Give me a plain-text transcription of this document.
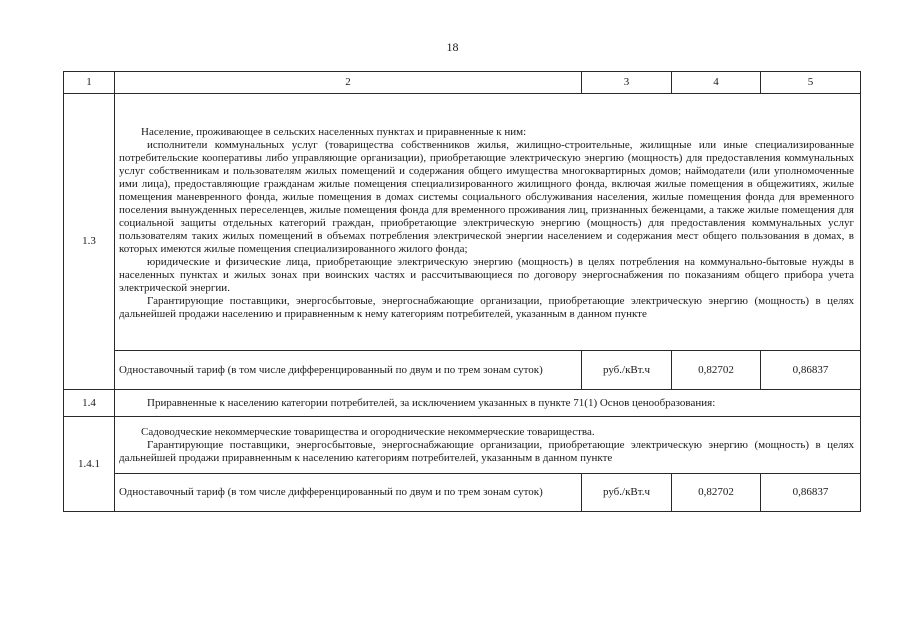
18
1	2	3	4	5
1.3	Население, проживающее в сельских населенных пунктах и приравненные к ним:

исполнители коммунальных услуг (товарищества собственников жилья, жилищно-строительные, жилищные или иные специализированные потребительские кооперативы либо управляющие организации), приобретающие электрическую энергию (мощность) для предоставления коммунальных услуг собственникам и пользователям жилых помещений и содержания общего имущества многоквартирных домов; наймодатели (или уполномоченные ими лица), предоставляющие гражданам жилые помещения специализированного жилищного фонда, включая жилые помещения в общежитиях, жилые помещения маневренного фонда, жилые помещения в домах системы социального обслуживания населения, жилые помещения фонда для временного поселения вынужденных переселенцев, жилые помещения фонда для временного проживания лиц, признанных беженцами, а также жилые помещения для социальной защиты отдельных категорий граждан, приобретающие электрическую энергию (мощность) для предоставления коммунальных услуг пользователям таких жилых помещений в объемах потребления электрической энергии населением и содержания мест общего пользования в домах, в которых имеются жилые помещения специализированного жилого фонда;

юридические и физические лица, приобретающие электрическую энергию (мощность) в целях потребления на коммунально-бытовые нужды в населенных пунктах и жилых зонах при воинских частях и рассчитывающиеся по договору энергоснабжения по показаниям общего прибора учета электрической энергии.

Гарантирующие поставщики, энергосбытовые, энергоснабжающие организации, приобретающие электрическую энергию (мощность) в целях дальнейшей продажи населению и приравненным к нему категориям потребителей, указанным в данном пункте			

	Одноставочный тариф (в том числе дифференцированный по двум и по трем зонам суток)	руб./кВт.ч	0,82702	0,86837
1.4	Приравненные к населению категории потребителей, за исключением указанных в пункте 71(1) Основ ценообразования:			

1.4.1	Садоводческие некоммерческие товарищества и огороднические некоммерческие товарищества.

Гарантирующие поставщики, энергосбытовые, энергоснабжающие организации, приобретающие электрическую энергию (мощность) в целях дальнейшей продажи приравненным к населению категориям потребителей, указанным в данном пункте			

	Одноставочный тариф (в том числе дифференцированный по двум и по трем зонам суток)	руб./кВт.ч	0,82702	0,86837
